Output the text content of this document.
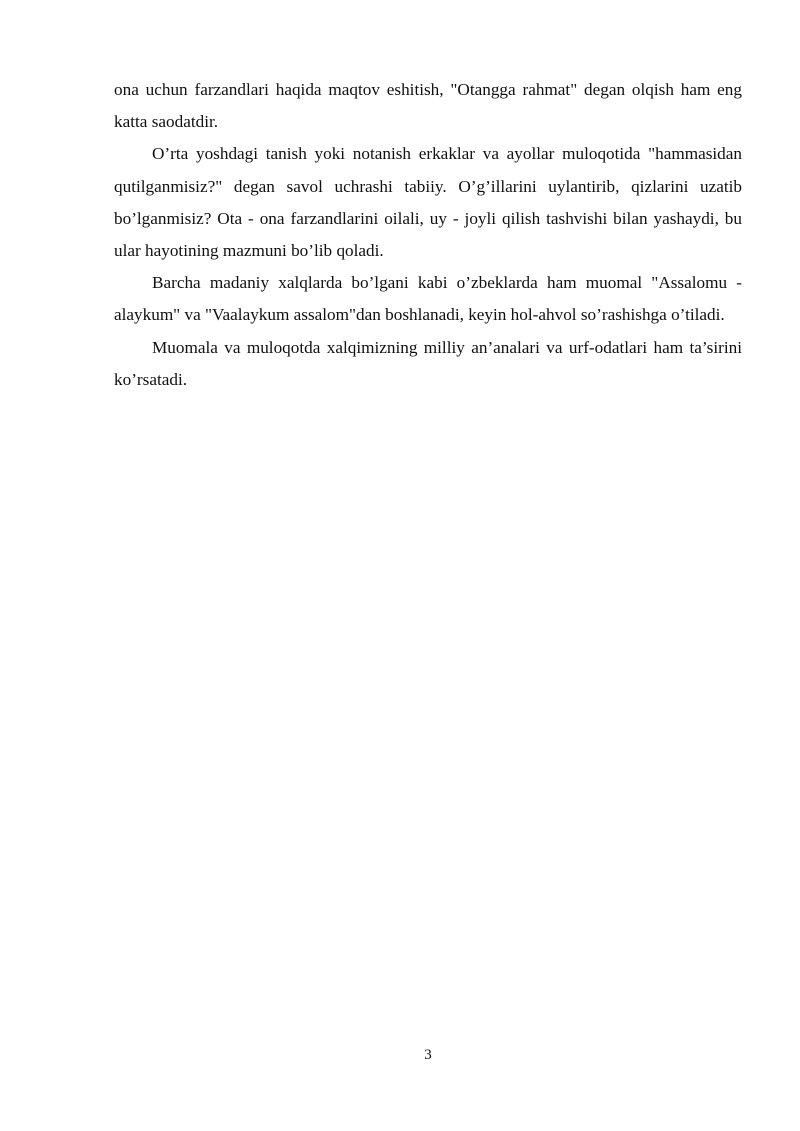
ona uchun farzandlari haqida maqtov eshitish, "Otangga rahmat" degan olqish ham eng katta saodatdir.

O’rta yoshdagi tanish yoki notanish erkaklar va ayollar muloqotida "hammasidan qutilganmisiz?" degan savol uchrashi tabiiy. O’g’illarini uylantirib, qizlarini uzatib bo’lganmisiz? Ota - ona farzandlarini oilali, uy - joyli qilish tashvishi bilan yashaydi, bu ular hayotining mazmuni bo’lib qoladi.

Barcha madaniy xalqlarda bo’lgani kabi o’zbeklarda ham muomal "Assalomu - alaykum" va "Vaalaykum assalom"dan boshlanadi, keyin hol-ahvol so’rashishga o’tiladi.

Muomala va muloqotda xalqimizning milliy an’analari va urf-odatlari ham ta’sirini ko’rsatadi.

3
